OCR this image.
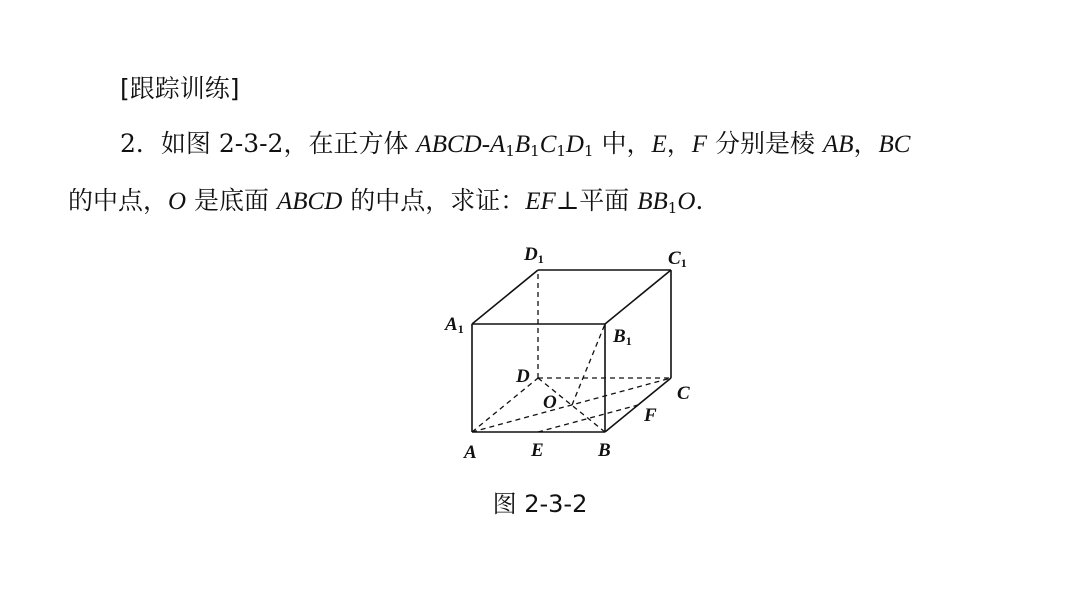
[跟踪训练]
2．如图 2-3-2，在正方体 ABCD-$A_1B_1C_1D_1$ 中，E，F 分别是棱 AB，BC
的中点，O 是底面 ABCD 的中点，求证：EF⊥平面 $BB_1O$.
A	E	B
F
C
D
O
A1	B1
D1	C1
图 2-3-2
